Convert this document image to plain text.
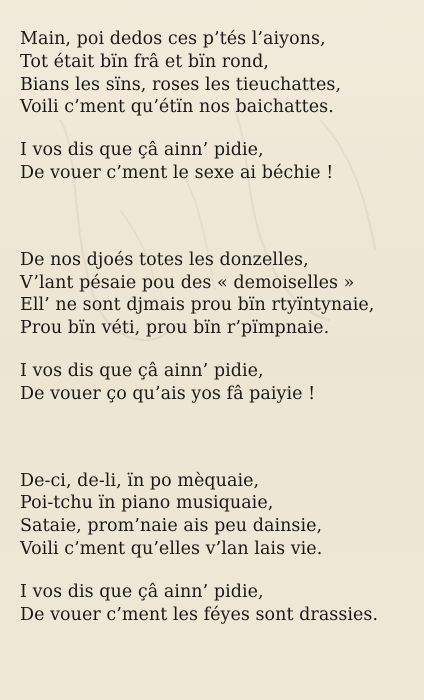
Main, poi dedos ces p’tés l’aiyons,
Tot était bïn frâ et bïn rond,
Bians les sïns, roses les tieuchattes,
Voili c’ment qu’étïn nos baichattes.
I vos dis que çâ ainn’ pidie,
De vouer c’ment le sexe ai béchie !
De nos djoés totes les donzelles,
V’lant pésaie pou des « demoiselles »
Ell’ ne sont djmais prou bïn rtyïntynaie,
Prou bïn véti, prou bïn r’pïmpnaie.
I vos dis que çâ ainn’ pidie,
De vouer ço qu’ais yos fâ paiyie !
De-ci, de-li, ïn po mèquaie,
Poi-tchu ïn piano musiquaie,
Sataie, prom’naie ais peu dainsie,
Voili c’ment qu’elles v’lan lais vie.
I vos dis que çâ ainn’ pidie,
De vouer c’ment les féyes sont drassies.
